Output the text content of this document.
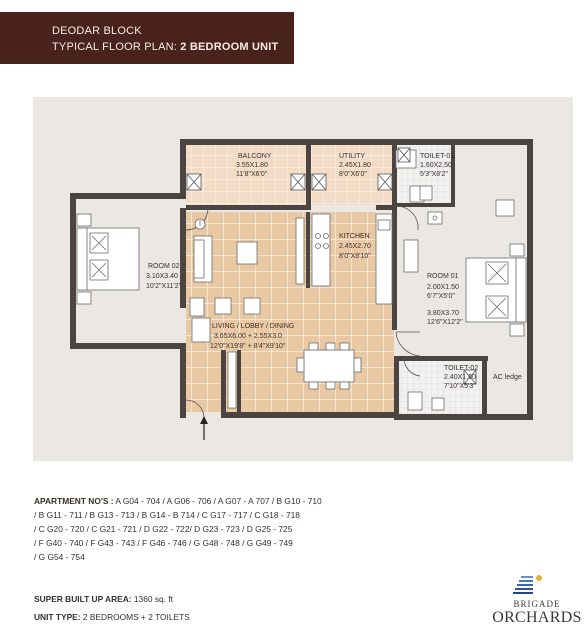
DEODAR BLOCK
TYPICAL FLOOR PLAN: 2 BEDROOM UNIT
BALCONY
3.55X1.80
11'8"X6'0"
UTILITY
2.45X1.80
8'0"X6'0"
TOILET-01
1.60X2.50
5'3"X8'2"
ROOM 02
3.10X3.40
10'2"X11'2"
KITCHEN
2.45X2.70
8'0"X8'10"
ROOM 01
2.00X1.50
6'7"X5'0"
3.80X3.70
12'6"X12'2"
LIVING / LOBBY / DINING
3.65X6.00 + 2.55X3.0
12'0"X19'8" + 8'4"X9'10"
TOILET-02
2.40X1.60
7'10"X5'3"
AC ledge
APARTMENT NO'S : A G04 - 704 / A G06 - 706 / A G07 - A 707 / B G10 - 710
/ B G11 - 711 / B G13 - 713 / B G14 - B 714 / C G17 - 717 / C G18 - 718
/ C G20 - 720 / C G21 - 721 / D G22 - 722/ D G23 - 723 / D G25 - 725
/ F G40 - 740 / F G43 - 743 / F G46 - 746 / G G48 - 748 / G G49 - 749
/ G G54 - 754
SUPER BUILT UP AREA: 1360 sq. ft
UNIT TYPE: 2 BEDROOMS + 2 TOILETS
BRIGADE
ORCHARDS
